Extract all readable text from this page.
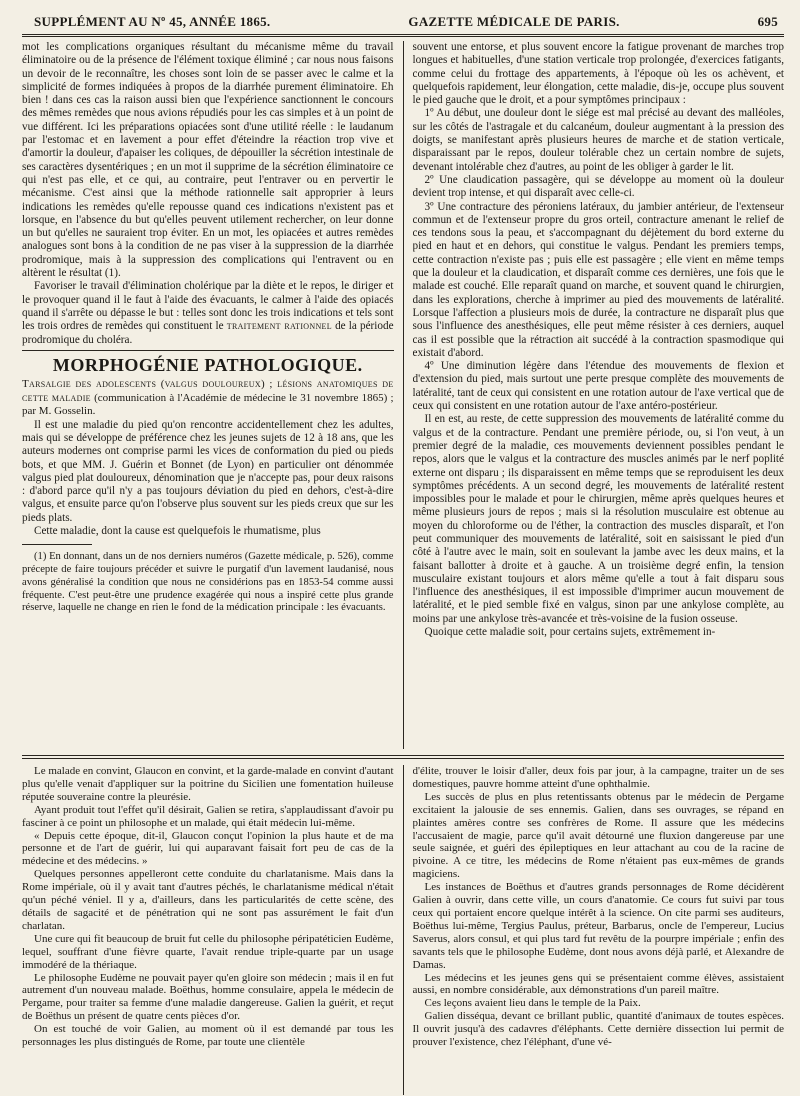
SUPPLÉMENT AU Nº 45, ANNÉE 1865.	GAZETTE MÉDICALE DE PARIS.	695

mot les complications organiques résultant du mécanisme même du travail éliminatoire ou de la présence de l'élément toxique éliminé ; car nous nous faisons un devoir de le reconnaître, les choses sont loin de se passer avec le calme et la simplicité de formes indiquées à propos de la diarrhée purement éliminatoire. Eh bien ! dans ces cas la raison aussi bien que l'expérience sanctionnent le concours des mêmes remèdes que nous avions répudiés pour les cas simples et à un point de vue différent. Ici les préparations opiacées sont d'une utilité réelle : le laudanum par l'estomac et en lavement a pour effet d'éteindre la réaction trop vive et d'amortir la douleur, d'apaiser les coliques, de dépouiller la sécrétion intestinale de ses caractères dysentériques ; en un mot il supprime de la sécrétion éliminatoire ce qui n'est pas elle, et ce qui, au contraire, peut l'entraver ou en pervertir le mécanisme. C'est ainsi que la méthode rationnelle sait approprier à leurs indications les remèdes qu'elle repousse quand ces indications n'existent pas et lorsque, en l'absence du but qu'elles peuvent utilement rechercher, on leur donne un but qu'elles ne sauraient trop éviter. En un mot, les opiacées et autres remèdes analogues sont bons à la condition de ne pas viser à la suppression de la diarrhée prodromique, mais à la suppression des complications qui l'entravent ou en altèrent le résultat (1).

Favoriser le travail d'élimination cholérique par la diète et le repos, le diriger et le provoquer quand il le faut à l'aide des évacuants, le calmer à l'aide des opiacés quand il s'arrête ou dépasse le but : telles sont donc les trois indications et tels sont les trois ordres de remèdes qui constituent le traitement rationnel de la période prodromique du choléra.

MORPHOGÉNIE PATHOLOGIQUE.

Tarsalgie des adolescents (valgus douloureux) ; lésions anatomiques de cette maladie (communication à l'Académie de médecine le 31 novembre 1865) ; par M. Gosselin.

Il est une maladie du pied qu'on rencontre accidentellement chez les adultes, mais qui se développe de préférence chez les jeunes sujets de 12 à 18 ans, que les auteurs modernes ont comprise parmi les vices de conformation du pied ou pieds bots, et que MM. J. Guérin et Bonnet (de Lyon) en particulier ont dénommée valgus pied plat douloureux, dénomination que je n'accepte pas, pour deux raisons : d'abord parce qu'il n'y a pas toujours déviation du pied en dehors, c'est-à-dire valgus, et ensuite parce qu'on l'observe plus souvent sur les pieds creux que sur les pieds plats.

Cette maladie, dont la cause est quelquefois le rhumatisme, plus

(1) En donnant, dans un de nos derniers numéros (Gazette médicale, p. 526), comme précepte de faire toujours précéder et suivre le purgatif d'un lavement laudanisé, nous avons généralisé la condition que nous ne considérions pas en 1853-54 comme aussi fréquente. C'est peut-être une prudence exagérée qui nous a inspiré cette plus grande réserve, laquelle ne change en rien le fond de la médication principale : les évacuants.

souvent une entorse, et plus souvent encore la fatigue provenant de marches trop longues et habituelles, d'une station verticale trop prolongée, d'exercices fatigants, comme celui du frottage des appartements, à l'époque où les os achèvent, et quelquefois rapidement, leur élongation, cette maladie, dis-je, occupe plus souvent le pied gauche que le droit, et a pour symptômes principaux :

1º Au début, une douleur dont le siége est mal précisé au devant des malléoles, sur les côtés de l'astragale et du calcanéum, douleur augmentant à la pression des doigts, se manifestant après plusieurs heures de marche et de station verticale, disparaissant par le repos, douleur tolérable chez un certain nombre de sujets, devenant intolérable chez d'autres, au point de les obliger à garder le lit.

2º Une claudication passagère, qui se développe au moment où la douleur devient trop intense, et qui disparaît avec celle-ci.

3º Une contracture des péroniens latéraux, du jambier antérieur, de l'extenseur commun et de l'extenseur propre du gros orteil, contracture amenant le relief de ces tendons sous la peau, et s'accompagnant du déjètement du bord externe du pied en haut et en dehors, qui constitue le valgus. Pendant les premiers temps, cette contraction n'existe pas ; puis elle est passagère ; elle vient en même temps que la douleur et la claudication, et disparaît comme ces dernières, une fois que le malade est couché. Elle reparaît quand on marche, et souvent quand le chirurgien, dans les explorations, cherche à imprimer au pied des mouvements de latéralité. Lorsque l'affection a plusieurs mois de durée, la contracture ne disparaît plus que sous l'influence des anesthésiques, elle peut même résister à ces derniers, auquel cas il est possible que la rétraction ait succédé à la contraction spasmodique qui existait d'abord.

4º Une diminution légère dans l'étendue des mouvements de flexion et d'extension du pied, mais surtout une perte presque complète des mouvements de latéralité, tant de ceux qui consistent en une rotation autour de l'axe vertical que de ceux qui consistent en une rotation autour de l'axe antéro-postérieur.

Il en est, au reste, de cette suppression des mouvements de latéralité comme du valgus et de la contracture. Pendant une première période, ou, si l'on veut, à un premier degré de la maladie, ces mouvements deviennent possibles pendant le repos, alors que le valgus et la contracture des muscles animés par le nerf poplité externe ont disparu ; ils disparaissent en même temps que se reproduisent les deux symptômes précédents. A un second degré, les mouvements de latéralité restent impossibles pour le malade et pour le chirurgien, même après quelques heures et même plusieurs jours de repos ; mais si la résolution musculaire est obtenue au moyen du chloroforme ou de l'éther, la contraction des muscles disparaît, et l'on peut communiquer des mouvements de latéralité, soit en saisissant le pied d'un côté à l'autre avec le main, soit en soulevant la jambe avec les deux mains, et la faisant ballotter à droite et à gauche. A un troisième degré enfin, la tension musculaire existant toujours et alors même qu'elle a tout à fait disparu sous l'influence des anesthésiques, il est impossible d'imprimer aucun mouvement de latéralité, et le pied semble fixé en valgus, sinon par une ankylose complète, au moins par une ankylose très-avancée et très-voisine de la fusion osseuse.

Quoique cette maladie soit, pour certains sujets, extrêmement in-

Le malade en convint, Glaucon en convint, et la garde-malade en convint d'autant plus qu'elle venait d'appliquer sur la poitrine du Sicilien une fomentation huileuse réputée souveraine contre la pleurésie.

Ayant produit tout l'effet qu'il désirait, Galien se retira, s'applaudissant d'avoir pu fasciner à ce point un philosophe et un malade, qui était médecin lui-même.

« Depuis cette époque, dit-il, Glaucon conçut l'opinion la plus haute et de ma personne et de l'art de guérir, lui qui auparavant faisait fort peu de cas de la médecine et des médecins. »

Quelques personnes appelleront cette conduite du charlatanisme. Mais dans la Rome impériale, où il y avait tant d'autres péchés, le charlatanisme médical n'était qu'un péché véniel. Il y a, d'ailleurs, dans les particularités de cette scène, des détails de sagacité et de pénétration qui ne sont pas assurément le fait d'un charlatan.

Une cure qui fit beaucoup de bruit fut celle du philosophe péripatéticien Eudème, lequel, souffrant d'une fièvre quarte, l'avait rendue triple-quarte par un usage immodéré de la thériaque.

Le philosophe Eudème ne pouvait payer qu'en gloire son médecin ; mais il en fut autrement d'un nouveau malade. Boëthus, homme consulaire, appela le médecin de Pergame, pour traiter sa femme d'une maladie dangereuse. Galien la guérit, et reçut de Boëthus un présent de quatre cents pièces d'or.

On est touché de voir Galien, au moment où il est demandé par tous les personnages les plus distingués de Rome, par toute une clientèle

d'élite, trouver le loisir d'aller, deux fois par jour, à la campagne, traiter un de ses domestiques, pauvre homme atteint d'une ophthalmie.

Les succès de plus en plus retentissants obtenus par le médecin de Pergame excitaient la jalousie de ses ennemis. Galien, dans ses ouvrages, se répand en plaintes amères contre ses confrères de Rome. Il assure que les médecins l'accusaient de magie, parce qu'il avait détourné une fluxion dangereuse par une seule saignée, et guéri des épileptiques en leur attachant au cou de la racine de pivoine. A ce titre, les médecins de Rome n'étaient pas eux-mêmes de grands magiciens.

Les instances de Boëthus et d'autres grands personnages de Rome décidèrent Galien à ouvrir, dans cette ville, un cours d'anatomie. Ce cours fut suivi par tous ceux qui portaient encore quelque intérêt à la science. On cite parmi ses auditeurs, Boëthus lui-même, Tergius Paulus, préteur, Barbarus, oncle de l'empereur, Lucius Saverus, alors consul, et qui plus tard fut revêtu de la pourpre impériale ; enfin des savants tels que le philosophe Eudème, dont nous avons déjà parlé, et Alexandre de Damas.

Les médecins et les jeunes gens qui se présentaient comme élèves, assistaient aussi, en nombre considérable, aux démonstrations d'un pareil maître.

Ces leçons avaient lieu dans le temple de la Paix.

Galien disséqua, devant ce brillant public, quantité d'animaux de toutes espèces. Il ouvrit jusqu'à des cadavres d'éléphants. Cette dernière dissection lui permit de prouver l'existence, chez l'éléphant, d'une vé-
